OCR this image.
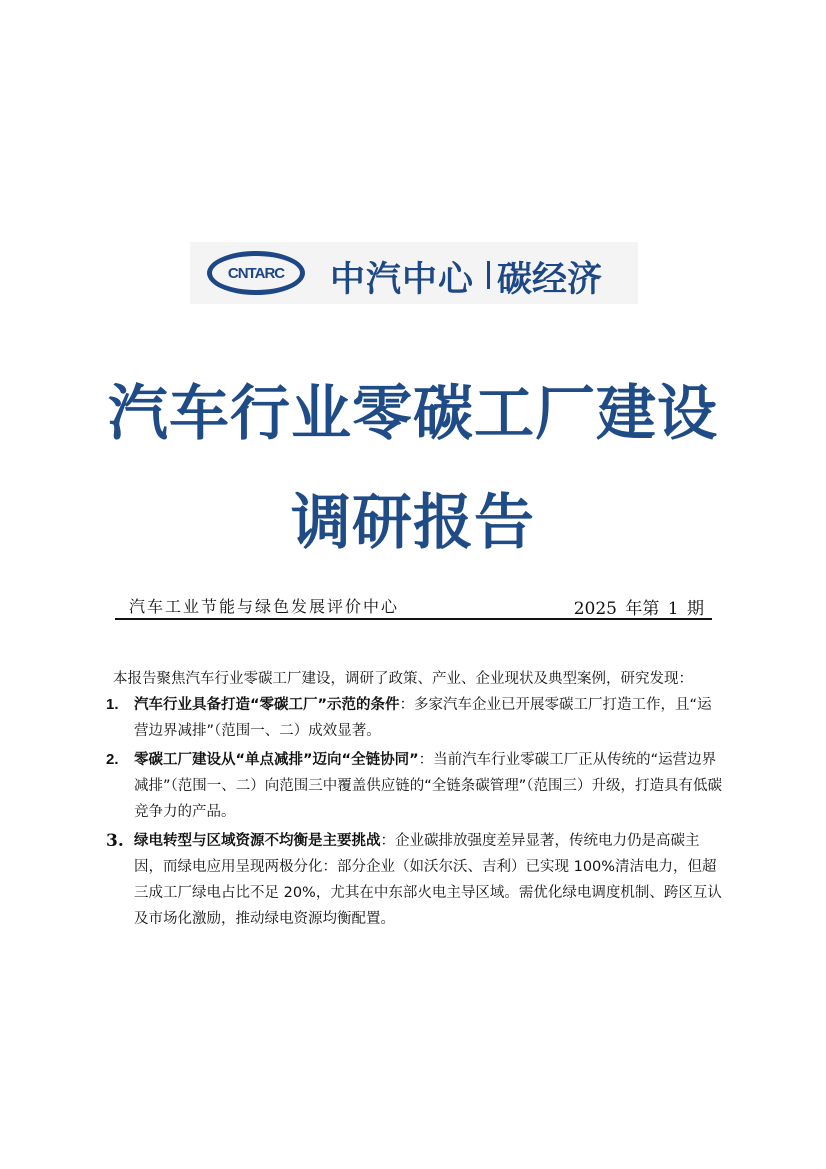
CNTARC 中汽中心 碳经济
汽车行业零碳工厂建设
调研报告
汽车工业节能与绿色发展评价中心	2025 年第 1 期

本报告聚焦汽车行业零碳工厂建设，调研了政策、产业、企业现状及典型案例，研究发现：

1. 汽车行业具备打造“零碳工厂”示范的条件：多家汽车企业已开展零碳工厂打造工作，且“运营边界减排”（范围一、二）成效显著。
2. 零碳工厂建设从“单点减排”迈向“全链协同”：当前汽车行业零碳工厂正从传统的“运营边界减排”（范围一、二）向范围三中覆盖供应链的“全链条碳管理”（范围三）升级，打造具有低碳竞争力的产品。
3. 绿电转型与区域资源不均衡是主要挑战：企业碳排放强度差异显著，传统电力仍是高碳主因，而绿电应用呈现两极分化：部分企业（如沃尔沃、吉利）已实现 100%清洁电力，但超三成工厂绿电占比不足 20%，尤其在中东部火电主导区域。需优化绿电调度机制、跨区互认及市场化激励，推动绿电资源均衡配置。
